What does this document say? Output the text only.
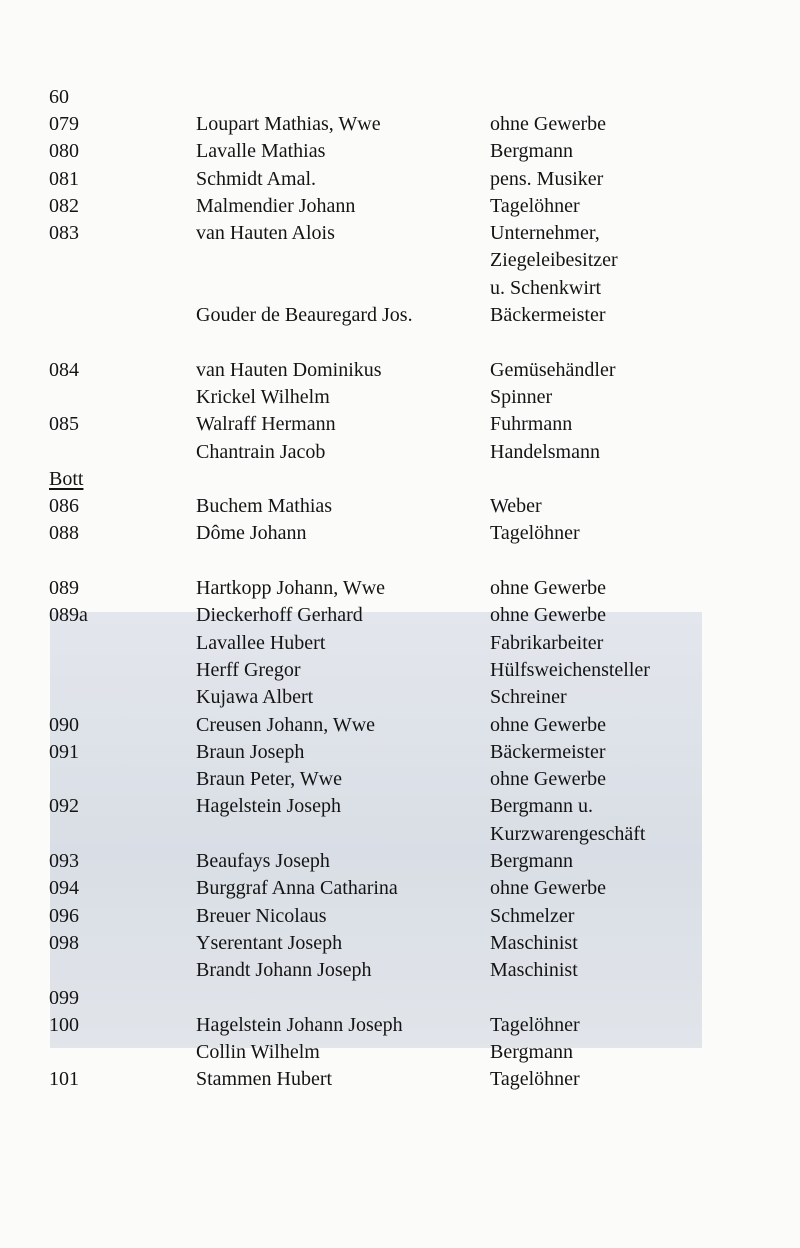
60
079	Loupart Mathias, Wwe	ohne Gewerbe
080	Lavalle Mathias	Bergmann
081	Schmidt Amal.	pens. Musiker
082	Malmendier Johann	Tagelöhner
083	van Hauten Alois	Unternehmer,
Ziegeleibesitzer
u. Schenkwirt
Gouder de Beauregard Jos.	Bäckermeister
084	van Hauten Dominikus	Gemüsehändler
Krickel Wilhelm	Spinner
085	Walraff Hermann	Fuhrmann
Chantrain Jacob	Handelsmann
Bott
086	Buchem Mathias	Weber
088	Dôme Johann	Tagelöhner
089	Hartkopp Johann, Wwe	ohne Gewerbe
089a	Dieckerhoff Gerhard	ohne Gewerbe
Lavallee Hubert	Fabrikarbeiter
Herff Gregor	Hülfsweichensteller
Kujawa Albert	Schreiner
090	Creusen Johann, Wwe	ohne Gewerbe
091	Braun Joseph	Bäckermeister
Braun Peter, Wwe	ohne Gewerbe
092	Hagelstein Joseph	Bergmann u.
Kurzwarengeschäft
093	Beaufays Joseph	Bergmann
094	Burggraf Anna Catharina	ohne Gewerbe
096	Breuer Nicolaus	Schmelzer
098	Yserentant Joseph	Maschinist
Brandt Johann Joseph	Maschinist
099
100	Hagelstein Johann Joseph	Tagelöhner
Collin Wilhelm	Bergmann
101	Stammen Hubert	Tagelöhner
